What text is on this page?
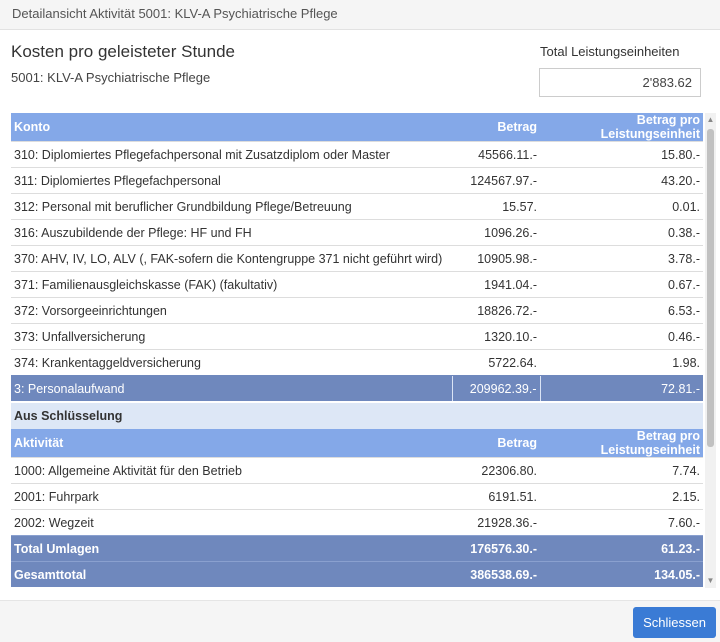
Detailansicht Aktivität 5001: KLV-A Psychiatrische Pflege
Kosten pro geleisteter Stunde
5001: KLV-A Psychiatrische Pflege
Total Leistungseinheiten
2'883.62
Konto	Betrag	Betrag pro Leistungseinheit
310: Diplomiertes Pflegefachpersonal mit Zusatzdiplom oder Master	45566.11.-	15.80.-
311: Diplomiertes Pflegefachpersonal	124567.97.-	43.20.-
312: Personal mit beruflicher Grundbildung Pflege/Betreuung	15.57.	0.01.
316: Auszubildende der Pflege: HF und FH	1096.26.-	0.38.-
370: AHV, IV, LO, ALV (, FAK-sofern die Kontengruppe 371 nicht geführt wird)	10905.98.-	3.78.-
371: Familienausgleichskasse (FAK) (fakultativ)	1941.04.-	0.67.-
372: Vorsorgeeinrichtungen	18826.72.-	6.53.-
373: Unfallversicherung	1320.10.-	0.46.-
374: Krankentaggeldversicherung	5722.64.	1.98.
3: Personalaufwand	209962.39.-	72.81.-
Aus Schlüsselung		
Aktivität	Betrag	Betrag pro Leistungseinheit
1000: Allgemeine Aktivität für den Betrieb	22306.80.	7.74.
2001: Fuhrpark	6191.51.	2.15.
2002: Wegzeit	21928.36.-	7.60.-
Total Umlagen	176576.30.-	61.23.-
Gesamttotal	386538.69.-	134.05.-
▲
▼
Schliessen
